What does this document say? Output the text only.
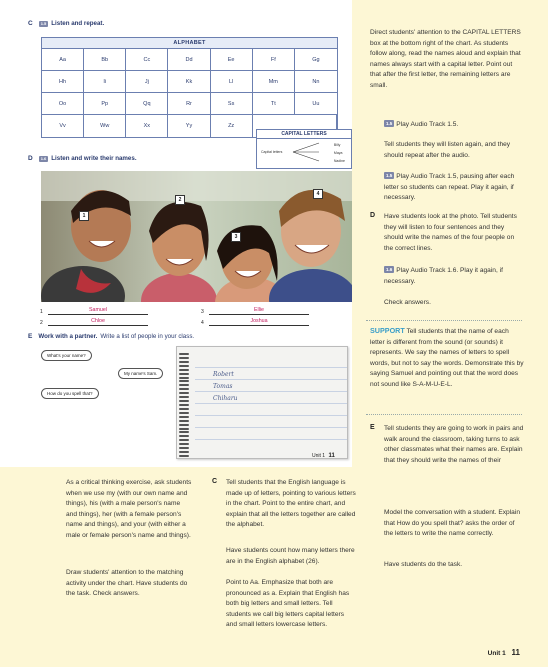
C	1.5 Listen and repeat.
ALPHABET
Aa	Bb	Cc	Dd	Ee	Ff	Gg
Hh	Ii	Jj	Kk	Ll	Mm	Nn
Oo	Pp	Qq	Rr	Ss	Tt	Uu
Vv	Ww	Xx	Yy	Zz
CAPITAL LETTERS
Capital letters
Billy
Maya
Nadine
D	1.6 Listen and write their names.
1
2
3
4
1	Samuel
2	Chloe
3	Ellie
4	Joshua
E Work with a partner. Write a list of people in your class.
What's your name?
My name's Sam.
How do you spell that?
Robert
Tomas
Chiharu
Unit 1 11
Direct students' attention to the CAPITAL LETTERS box at the bottom right of the chart. As students follow along, read the names aloud and explain that names always start with a capital letter. Point out that after the first letter, the remaining letters are small.
1.5 Play Audio Track 1.5.
Tell students they will listen again, and they should repeat after the audio.
1.5 Play Audio Track 1.5, pausing after each letter so students can repeat. Play it again, if necessary.
D Have students look at the photo. Tell students they will listen to four sentences and they should write the names of the four people on the correct lines.
1.6 Play Audio Track 1.6. Play it again, if necessary.
Check answers.
SUPPORT Tell students that the name of each letter is different from the sound (or sounds) it represents. We say the names of letters to spell words, but not to say the words. Demonstrate this by saying Samuel and pointing out that the word does not sound like S-A-M-U-E-L.
E Tell students they are going to work in pairs and walk around the classroom, taking turns to ask other classmates what their names are. Explain that they should write the names of their
Model the conversation with a student. Explain that How do you spell that? asks the order of the letters to write the name correctly.
Have students do the task.
As a critical thinking exercise, ask students when we use my (with our own name and things), his (with a male person's name and things), her (with a female person's name and things), and your (with either a male or female person's name and things).
Draw students' attention to the matching activity under the chart. Have students do the task. Check answers.
C Tell students that the English language is made up of letters, pointing to various letters in the chart. Point to the entire chart, and explain that all the letters together are called the alphabet.
Have students count how many letters there are in the English alphabet (26).
Point to Aa. Emphasize that both are pronounced as a. Explain that English has both big letters and small letters. Tell students we call big letters capital letters and small letters lowercase letters.
Unit 1 11
